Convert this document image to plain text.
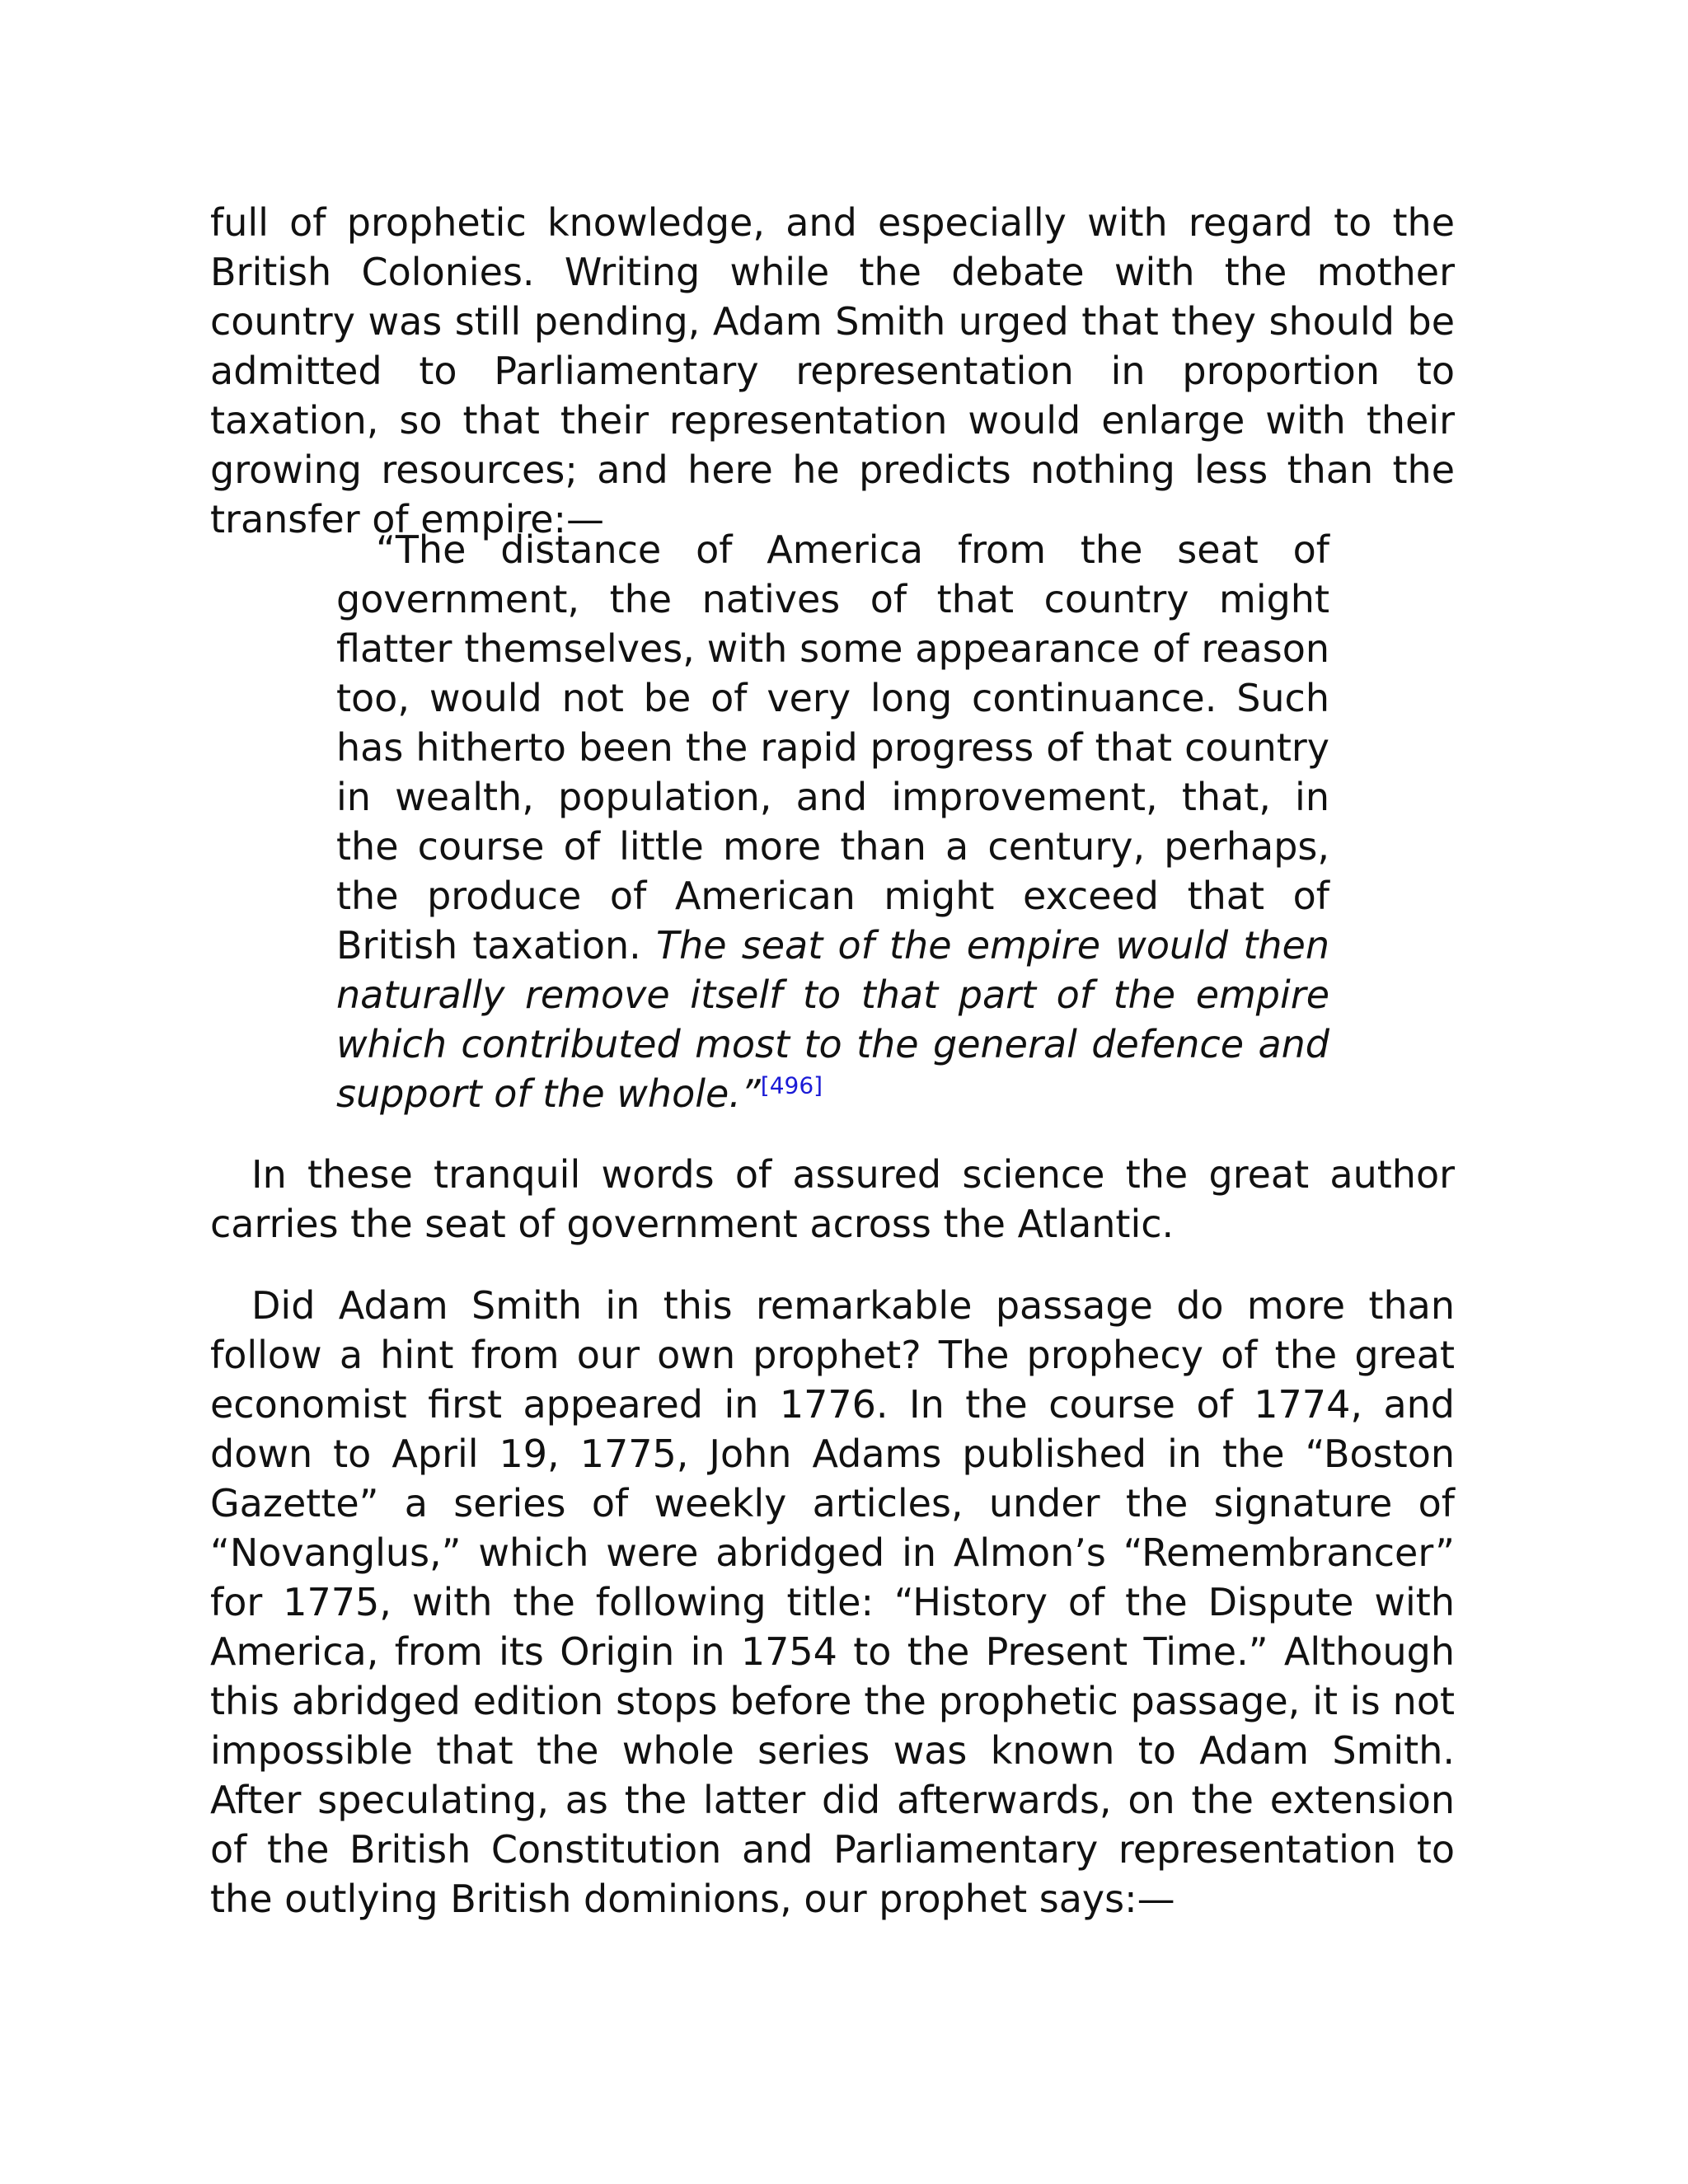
full of prophetic knowledge, and especially with regard to the British Colonies. Writing while the debate with the mother country was still pending, Adam Smith urged that they should be admitted to Parliamentary representation in proportion to taxation, so that their representation would enlarge with their growing resources; and here he predicts nothing less than the transfer of empire:—

“The distance of America from the seat of government, the natives of that country might flatter themselves, with some appearance of reason too, would not be of very long continuance. Such has hitherto been the rapid progress of that country in wealth, population, and improvement, that, in the course of little more than a century, perhaps, the produce of American might exceed that of British taxation. The seat of the empire would then naturally remove itself to that part of the empire which contributed most to the general defence and support of the whole.”[496]

In these tranquil words of assured science the great author carries the seat of government across the Atlantic.

Did Adam Smith in this remarkable passage do more than follow a hint from our own prophet? The prophecy of the great economist first appeared in 1776. In the course of 1774, and down to April 19, 1775, John Adams published in the “Boston Gazette” a series of weekly articles, under the signature of “Novanglus,” which were abridged in Almon’s “Remembrancer” for 1775, with the following title: “History of the Dispute with America, from its Origin in 1754 to the Present Time.” Although this abridged edition stops before the prophetic passage, it is not impossible that the whole series was known to Adam Smith. After speculating, as the latter did afterwards, on the extension of the British Constitution and Parliamentary representation to the outlying British dominions, our prophet says:—
